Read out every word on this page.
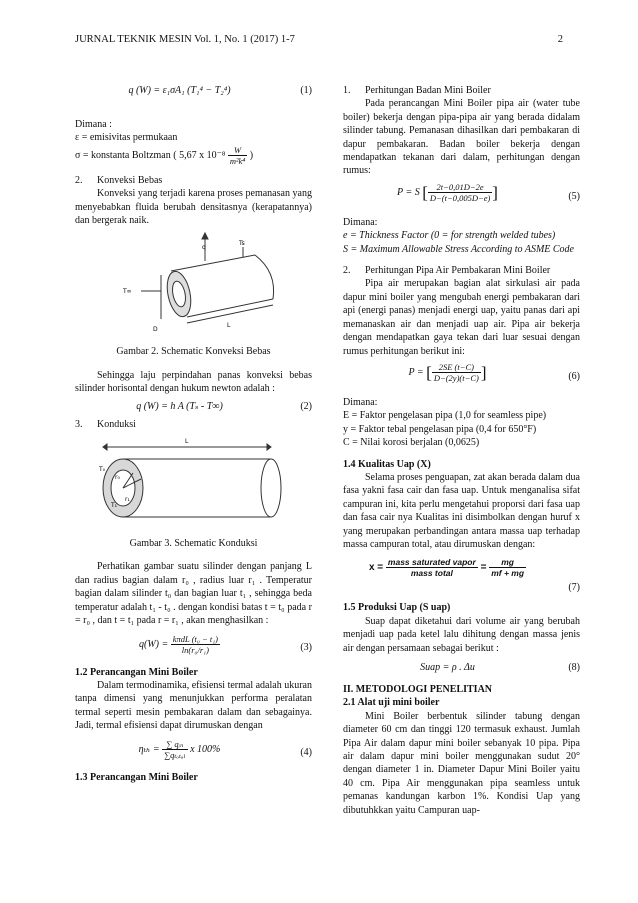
JURNAL TEKNIK MESIN Vol. 1, No. 1 (2017) 1-7	2
q (W) = ε₁σA₁ (T₁⁴ − T₂⁴)	(1)

Dimana :

ε = emisivitas permukaan

σ = konstanta Boltzman ( 5,67 x $10^{-8} \frac{W}{\text{m²k⁴}}$ )

2.	Konveksi Bebas

Konveksi yang terjadi karena proses pemanasan yang menyebabkan fluida berubah densitasnya (kerapatannya) dan bergerak naik.

q
T∞
Ts
D
L

Gambar 2. Schematic Konveksi Bebas

Sehingga laju perpindahan panas konveksi bebas silinder horisontal dengan hukum newton adalah :

q (W) = h A (Tₛ - T∞)	(2)
3.	Konduksi
L
T₀
r₀
r₁
T₁

Gambar 3. Schematic Konduksi

Perhatikan gambar suatu silinder dengan panjang L dan radius bagian dalam r₀ , radius luar r₁ . Temperatur bagian dalam silinder t₀ dan bagian luar t₁ , sehingga beda temperatur adalah t₁ - t₀ . dengan kondisi batas t = t₀ pada r = r₀ , dan t = t₁ pada r = r₁ , akan menghasilkan :

$q(W) = \frac{\text{kπdL (t₀ − t₁)}}{\text{ln(r₀/r₁)}}$	(3)

1.2 Perancangan Mini Boiler

Dalam termodinamika, efisiensi termal adalah ukuran tanpa dimensi yang menunjukkan performa peralatan termal seperti mesin pembakaran dalam dan sebagainya. Jadi, termal efisiensi dapat dirumuskan dengan

$\eta_{th} = \frac{\text{∑ qᵢₙ}}{\text{∑qₜₒₜₐₗ}}$ x 100%	(4)

1.3 Perancangan Mini Boiler

1.	Perhitungan Badan Mini Boiler

Pada perancangan Mini Boiler pipa air (water tube boiler) bekerja dengan pipa-pipa air yang berada didalam silinder tabung. Pemanasan dihasilkan dari pembakaran di dapur pembakaran. Badan boiler bekerja dengan mendapatkan tekanan dari dalam, perhitungan dengan rumus:

P = S [ $\frac{2t-0,01D-2e}{D-(t-0,005D-e)}$ ]	(5)

Dimana:

e = Thickness Factor (0 = for strength welded tubes)

S = Maximum Allowable Stress According to ASME Code

2.	Perhitungan Pipa Air Pembakaran Mini Boiler

Pipa air merupakan bagian alat sirkulasi air pada dapur mini boiler yang mengubah energi pembakaran dari api (energi panas) menjadi energi uap, yaitu panas dari api memanaskan air dan menjadi uap air. Pipa air bekerja dengan mendapatkan gaya tekan dari luar sesuai dengan rumus perhitungan berikut ini:

P = [ $\frac{2SE (t-C)}{D-(2y)(t-C)}$ ]	(6)

Dimana:

E = Faktor pengelasan pipa (1,0 for seamless pipe)

y = Faktor tebal pengelasan pipa (0,4 for 650°F)

C = Nilai korosi berjalan (0,0625)

1.4 Kualitas Uap (X)

Selama proses penguapan, zat akan berada dalam dua fasa yakni fasa cair dan fasa uap. Untuk menganalisa sifat campuran ini, kita perlu mengetahui proporsi dari fasa uap dan fasa cair nya Kualitas ini disimbolkan dengan huruf x yang merupakan perbandingan antara massa uap terhadap massa campuran total, atau dirumuskan dengan:

$x = \frac{\text{mass saturated vapor}}{\text{mass total}} = \frac{mg}{mf + mg}$
(7)

1.5 Produksi Uap (S uap)

Suap dapat diketahui dari volume air yang berubah menjadi uap pada ketel lalu dihitung dengan massa jenis air dengan persamaan sebagai berikut :

Suap = ρ . Δu	(8)

II. METODOLOGI PENELITIAN

2.1 Alat uji mini boiler

Mini Boiler berbentuk silinder tabung dengan diameter 60 cm dan tinggi 120 termasuk exhaust. Jumlah Pipa Air dalam dapur mini boiler sebanyak 10 pipa. Pipa air dalam dapur mini boiler menggunakan sudut 20° dengan diameter 1 in. Diameter Dapur Mini Boiler yaitu 40 cm. Pipa Air menggunakan pipa seamless untuk pemanas kandungan karbon 1%. Kondisi Uap yang dibutuhkkan yaitu Campuran uap-
